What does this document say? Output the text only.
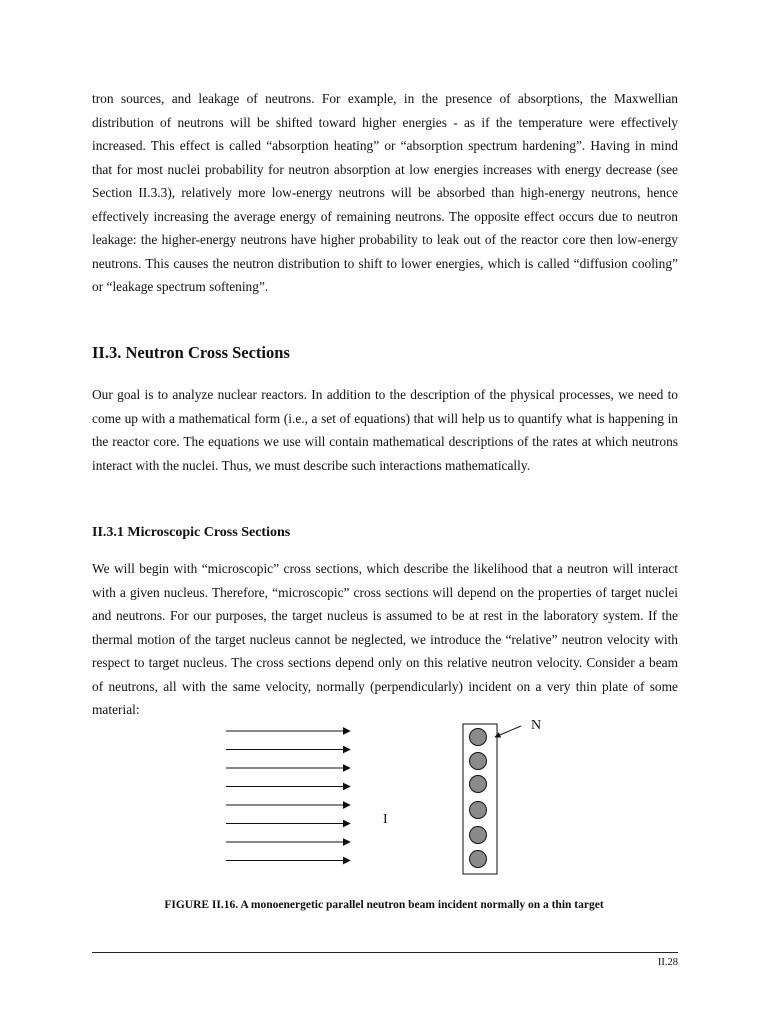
tron sources, and leakage of neutrons. For example, in the presence of absorptions, the Maxwellian distribution of neutrons will be shifted toward higher energies - as if the temperature were effectively increased. This effect is called “absorption heating” or “absorption spectrum hardening”. Having in mind that for most nuclei probability for neutron absorption at low energies increases with energy decrease (see Section II.3.3), relatively more low-energy neutrons will be absorbed than high-energy neutrons, hence effectively increasing the average energy of remaining neutrons. The opposite effect occurs due to neutron leakage: the higher-energy neutrons have higher probability to leak out of the reactor core then low-energy neutrons. This causes the neutron distribution to shift to lower energies, which is called “diffusion cooling” or “leakage spectrum softening”.

II.3. Neutron Cross Sections

Our goal is to analyze nuclear reactors. In addition to the description of the physical processes, we need to come up with a mathematical form (i.e., a set of equations) that will help us to quantify what is happening in the reactor core. The equations we use will contain mathematical descriptions of the rates at which neutrons interact with the nuclei. Thus, we must describe such interactions mathematically.

II.3.1 Microscopic Cross Sections

We will begin with “microscopic” cross sections, which describe the likelihood that a neutron will interact with a given nucleus. Therefore, “microscopic” cross sections will depend on the properties of target nuclei and neutrons. For our purposes, the target nucleus is assumed to be at rest in the laboratory system. If the thermal motion of the target nucleus cannot be neglected, we introduce the “relative” neutron velocity with respect to target nucleus. The cross sections depend only on this relative neutron velocity. Consider a beam of neutrons, all with the same velocity, normally (perpendicularly) incident on a very thin plate of some material:

N
I

FIGURE II.16. A monoenergetic parallel neutron beam incident normally on a thin target

II.28
